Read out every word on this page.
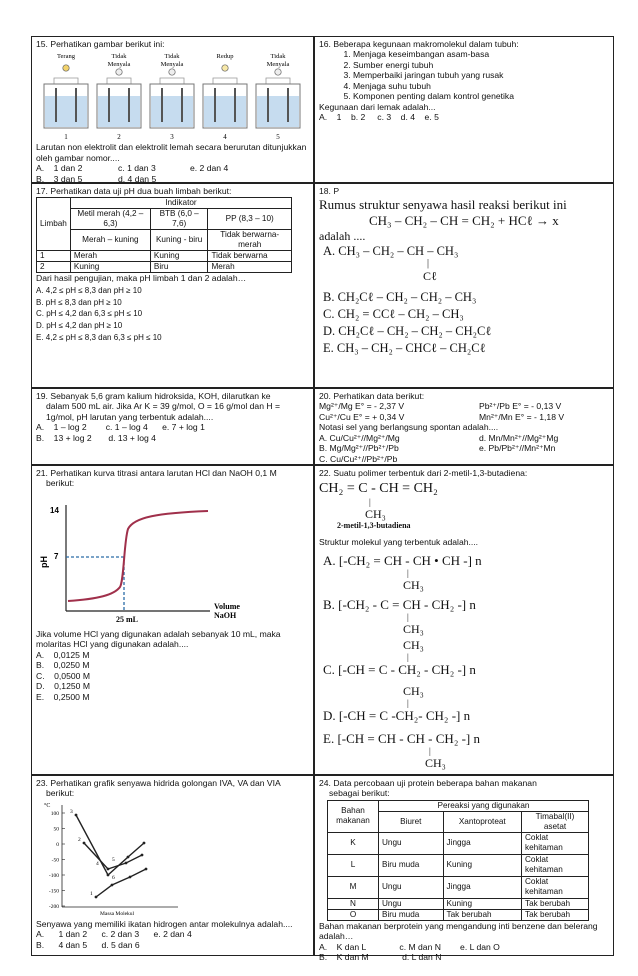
15. Perhatikan gambar berikut ini:

Terang
1
Tidak
Menyala
2
Tidak
Menyala
3
Redup
4
Tidak
Menyala
5

Larutan non elektrolit dan elektrolit lemah secara berurutan ditunjukkan oleh gambar nomor....

A.    1 dan 2	c. 1 dan 3	e. 2 dan 4
B.    3 dan 5	d. 4 dan 5

16. Beberapa kegunaan makromolekul dalam tubuh:

1. Menjaga keseimbangan asam-basa
2. Sumber energi tubuh
3. Memperbaiki jaringan tubuh yang rusak
4. Menjaga suhu tubuh
5. Komponen penting dalam kontrol genetika

Kegunaan dari lemak adalah...

A.    1    b. 2     c. 3    d. 4    e. 5

17. Perhatikan data uji pH dua buah limbah berikut:

Limbah	Indikator		
	Metil merah (4,2 – 6,3)	BTB (6,0 – 7,6)	PP (8,3 – 10)
	Merah – kuning	Kuning - biru	Tidak berwarna- merah
1	Merah	Kuning	Tidak berwarna
2	Kuning	Biru	Merah

Dari hasil pengujian, maka pH limbah 1 dan 2 adalah…

A. 4,2 ≤ pH ≤ 8,3 dan pH ≥ 10

B. pH ≤ 8,3 dan pH ≥ 10

C. pH ≤ 4,2 dan 6,3 ≤ pH ≤ 10

D. pH ≤ 4,2 dan pH ≥ 10

E. 4,2 ≤ pH ≤ 8,3 dan 6,3 ≤ pH ≤ 10

18. P

Rumus struktur senyawa hasil reaksi berikut ini

CH₃ – CH₂ – CH = CH₂ + HCℓ → x

adalah ....

A. CH₃ – CH₂ – CH – CH₃

|

Cℓ

B. CH₂Cℓ – CH₂ – CH₂ – CH₃

C. CH₂ = CCℓ – CH₂ – CH₃

D. CH₂Cℓ – CH₂ – CH₂ – CH₂Cℓ

E. CH₃ – CH₂ – CHCℓ – CH₂Cℓ

19. Sebanyak 5,6 gram kalium hidroksida, KOH, dilarutkan ke

dalam 500 mL air. Jika Ar K = 39 g/mol, O = 16 g/mol dan H =

1g/mol, pH larutan yang terbentuk adalah....

A.    1 – log 2        c. 1 – log 4      e. 7 + log 1

B.    13 + log 2       d. 13 + log 4

20. Perhatikan data berikut:

Mg²⁺/Mg E° = - 2,37 V	Pb²⁺/Pb E° = - 0,13 V
Cu²⁺/Cu E° = + 0,34 V	Mn²⁺/Mn E° = - 1,18 V

Notasi sel yang berlangsung spontan adalah....

A. Cu/Cu²⁺//Mg²⁺/Mg	d. Mn/Mn²⁺//Mg²⁺Mg
B. Mg/Mg²⁺//Pb²⁺/Pb	e. Pb/Pb²⁺//Mn²⁺Mn

C. Cu/Cu²⁺//Pb²⁺/Pb

21. Perhatikan kurva titrasi antara larutan HCl dan NaOH 0,1 M

berikut:

14
7
pH
Volume
NaOH
25 mL

Jika volume HCl yang digunakan adalah sebanyak 10 mL, maka molaritas HCl yang digunakan adalah....

A.    0,0125 M

B.    0,0250 M

C.    0,0500 M

D.    0,1250 M

E.    0,2500 M

22. Suatu polimer terbentuk dari 2-metil-1,3-butadiena:

CH₂ = C - CH = CH₂

|

CH₃

2-metil-1,3-butadiena

Struktur molekul yang terbentuk adalah....

A. [-CH₂ = CH - CH • CH -] n

|

CH₃

B. [-CH₂ - C = CH - CH₂ -] n

|

CH₃

CH₃

|

C. [-CH = C - CH₂ - CH₂ -] n

CH₃

|

D. [-CH = C -CH₂- CH₂ -] n

E. [-CH = CH - CH - CH₂ -] n

|

CH₃

23. Perhatikan grafik senyawa hidrida golongan IVA, VA dan VIA

berikut:

°C
100
50
0
-50
-100
-150
-200
3
2
4
5
6
1
Massa Molekul

Senyawa yang memiliki ikatan hidrogen antar molekulnya adalah....

A.      1 dan 2      c. 2 dan 3      e. 2 dan 4

B.      4 dan 5      d. 5 dan 6

24. Data percobaan uji protein beberapa bahan makanan

sebagai berikut:

Bahan makanan	Pereaksi yang digunakan		
	Biuret	Xantoproteat	Timabal(II) asetat
K	Ungu	Jingga	Coklat kehitaman
L	Biru muda	Kuning	Coklat kehitaman
M	Ungu	Jingga	Coklat kehitaman
N	Ungu	Kuning	Tak berubah
O	Biru muda	Tak berubah	Tak berubah

Bahan makanan berprotein yang mengandung inti benzene dan belerang adalah…

A.    K dan L              c. M dan N        e. L dan O

B.    K dan M              d. L dan N
